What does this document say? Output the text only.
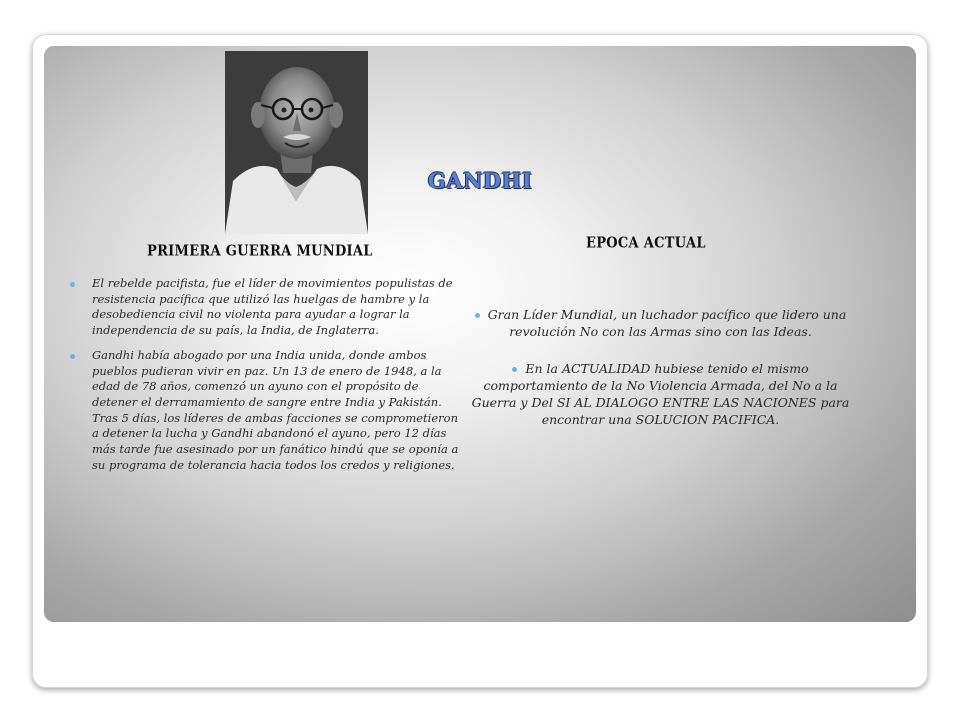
GANDHI
PRIMERA GUERRA MUNDIAL	EPOCA ACTUAL
El rebelde pacifista, fue el líder de movimientos populistas de resistencia pacífica que utilizó las huelgas de hambre y la desobediencia civil no violenta para ayudar a lograr la independencia de su país, la India, de Inglaterra.
Gandhi había abogado por una India unida, donde ambos pueblos pudieran vivir en paz. Un 13 de enero de 1948, a la edad de 78 años, comenzó un ayuno con el propósito de detener el derramamiento de sangre entre India y Pakistán. Tras 5 días, los líderes de ambas facciones se comprometieron a detener la lucha y Gandhi abandonó el ayuno, pero 12 días más tarde fue asesinado por un fanático hindú que se oponía a su programa de tolerancia hacia todos los credos y religiones.
Gran Líder Mundial, un luchador pacífico que lidero una revolución No con las Armas sino con las Ideas.
En la ACTUALIDAD hubiese tenido el mismo comportamiento de la No Violencia Armada, del No a la Guerra y Del SI AL DIALOGO ENTRE LAS NACIONES para encontrar una SOLUCION PACIFICA.
